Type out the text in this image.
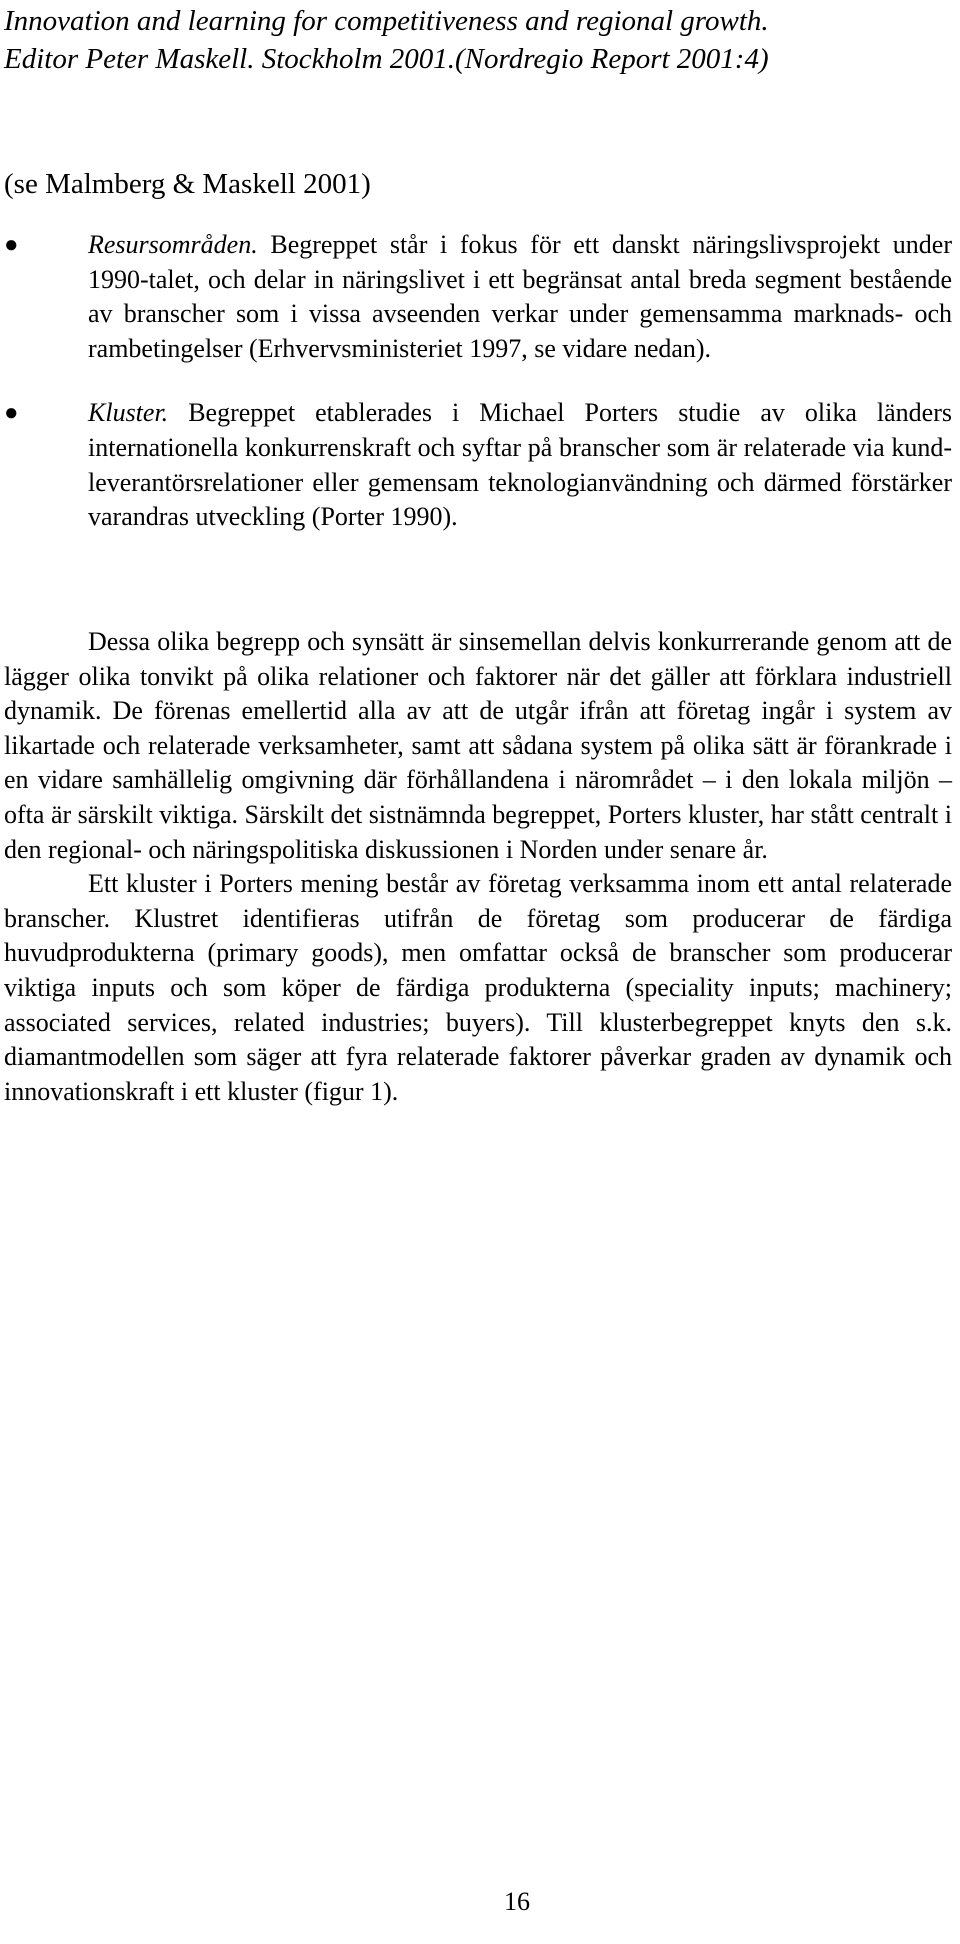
Innovation and learning for competitiveness and regional growth.
Editor Peter Maskell. Stockholm 2001.(Nordregio Report 2001:4)
(se Malmberg & Maskell 2001)
●	Resursområden. Begreppet står i fokus för ett danskt näringslivsprojekt under 1990-talet, och delar in näringslivet i ett begränsat antal breda segment bestående av branscher som i vissa avseenden verkar under gemensamma marknads- och rambetingelser (Erhvervsministeriet 1997, se vidare nedan).
●	Kluster. Begreppet etablerades i Michael Porters studie av olika länders internationella konkurrenskraft och syftar på branscher som är relaterade via kund-leverantörsrelationer eller gemensam teknologianvändning och därmed förstärker varandras utveckling (Porter 1990).

Dessa olika begrepp och synsätt är sinsemellan delvis konkurrerande genom att de lägger olika tonvikt på olika relationer och faktorer när det gäller att förklara industriell dynamik. De förenas emellertid alla av att de utgår ifrån att företag ingår i system av likartade och relaterade verksamheter, samt att sådana system på olika sätt är förankrade i en vidare samhällelig omgivning där förhållandena i närområdet – i den lokala miljön – ofta är särskilt viktiga. Särskilt det sistnämnda begreppet, Porters kluster, har stått centralt i den regional- och näringspolitiska diskussionen i Norden under senare år.

Ett kluster i Porters mening består av företag verksamma inom ett antal relaterade branscher. Klustret identifieras utifrån de företag som producerar de färdiga huvudprodukterna (primary goods), men omfattar också de branscher som producerar viktiga inputs och som köper de färdiga produkterna (speciality inputs; machinery; associated services, related industries; buyers). Till klusterbegreppet knyts den s.k. diamantmodellen som säger att fyra relaterade faktorer påverkar graden av dynamik och innovationskraft i ett kluster (figur 1).

16
